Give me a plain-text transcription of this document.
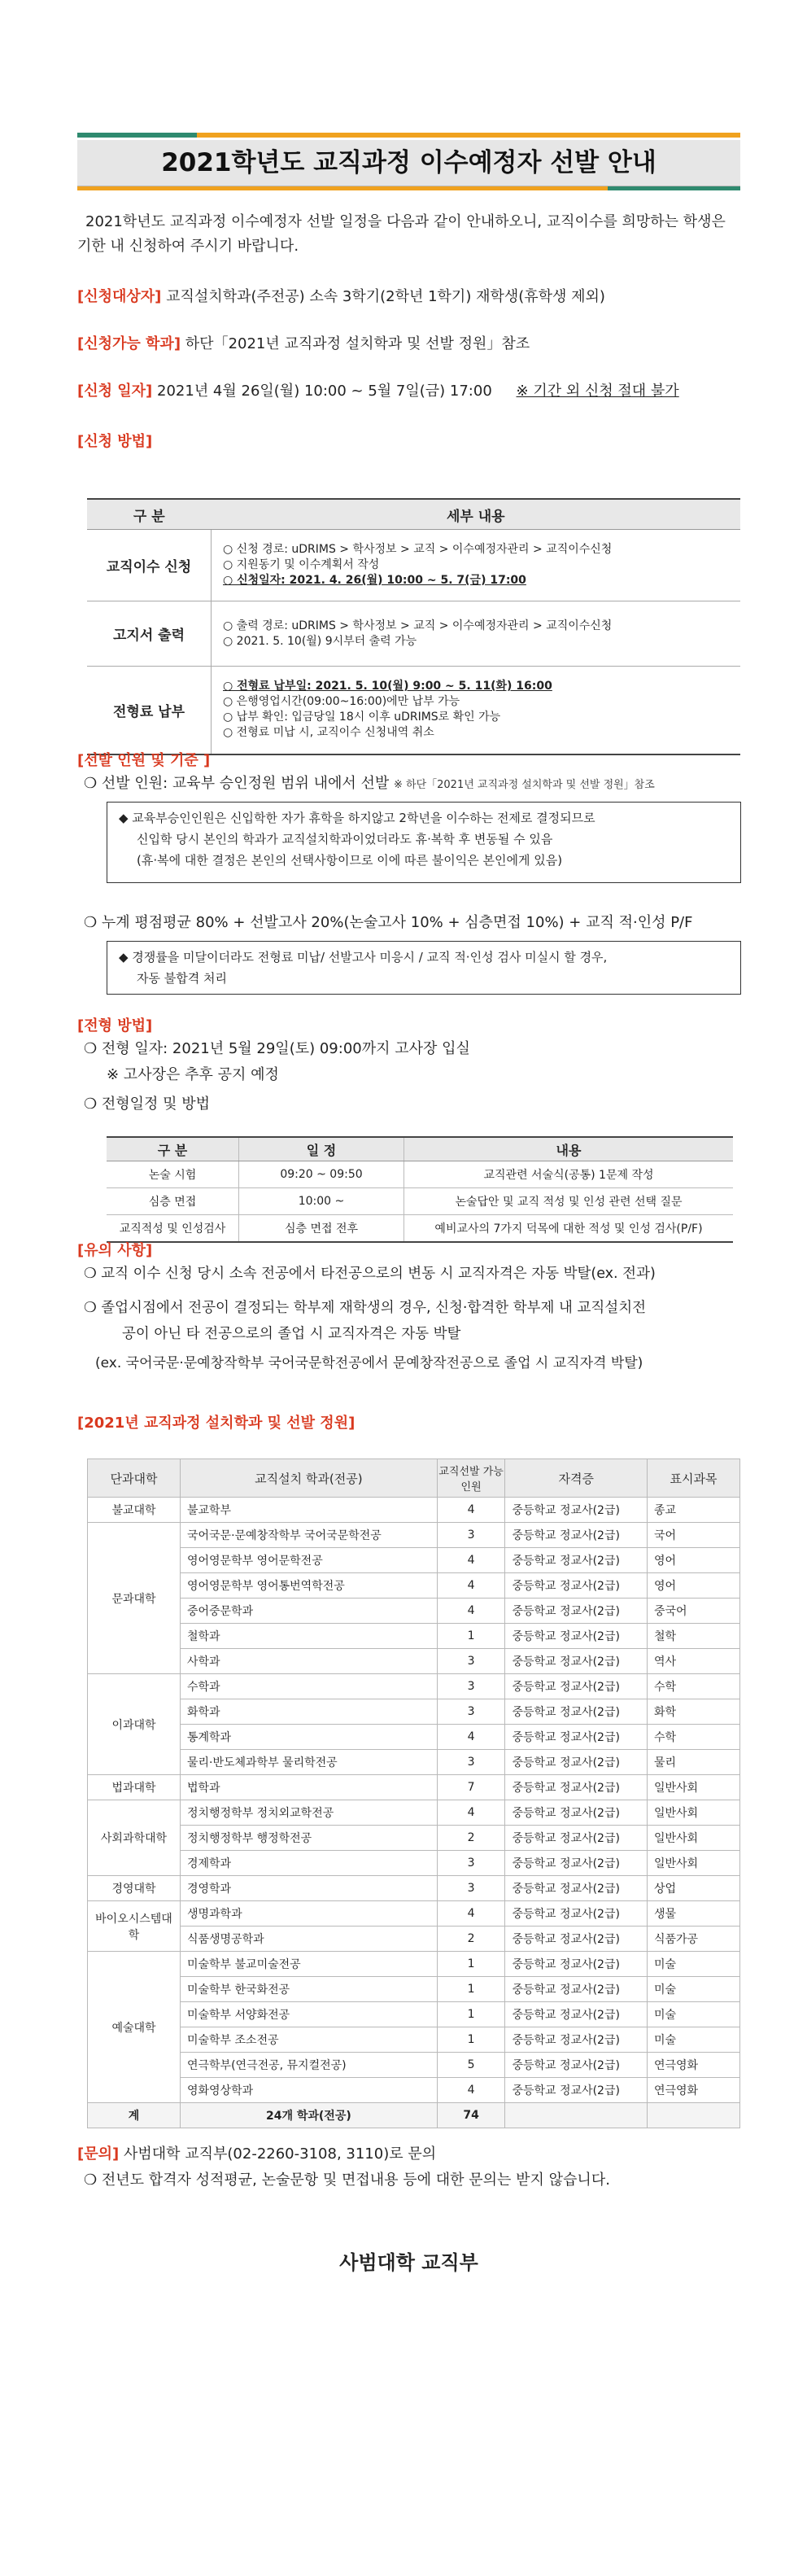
2021학년도 교직과정 이수예정자 선발 안내
2021학년도 교직과정 이수예정자 선발 일정을 다음과 같이 안내하오니, 교직이수를 희망하는 학생은 기한 내 신청하여 주시기 바랍니다.
[신청대상자] 교직설치학과(주전공) 소속 3학기(2학년 1학기) 재학생(휴학생 제외)
[신청가능 학과] 하단「2021년 교직과정 설치학과 및 선발 정원」참조
[신청 일자] 2021년 4월 26일(월) 10:00 ~ 5월 7일(금) 17:00 ※ 기간 외 신청 절대 불가
[신청 방법]
구 분	세부 내용
교직이수 신청	○ 신청 경로: uDRIMS > 학사정보 > 교직 > 이수예정자관리 > 교직이수신청
○ 지원동기 및 이수계획서 작성
○ 신청일자: 2021. 4. 26(월) 10:00 ~ 5. 7(금) 17:00

고지서 출력	○ 출력 경로: uDRIMS > 학사정보 > 교직 > 이수예정자관리 > 교직이수신청
○ 2021. 5. 10(월) 9시부터 출력 가능

전형료 납부	○ 전형료 납부일: 2021. 5. 10(월) 9:00 ~ 5. 11(화) 16:00
○ 은행영업시간(09:00~16:00)에만 납부 가능
○ 납부 확인: 입금당일 18시 이후 uDRIMS로 확인 가능
○ 전형료 미납 시, 교직이수 신청내역 취소
[선발 인원 및 기준 ]
❍ 선발 인원: 교육부 승인정원 범위 내에서 선발 ※ 하단「2021년 교직과정 설치학과 및 선발 정원」참조
◆ 교육부승인인원은 신입학한 자가 휴학을 하지않고 2학년을 이수하는 전제로 결정되므로
신입학 당시 본인의 학과가 교직설치학과이었더라도 휴·복학 후 변동될 수 있음
(휴·복에 대한 결정은 본인의 선택사항이므로 이에 따른 불이익은 본인에게 있음)
❍ 누계 평점평균 80% + 선발고사 20%(논술고사 10% + 심층면접 10%) + 교직 적·인성 P/F
◆ 경쟁률을 미달이더라도 전형료 미납/ 선발고사 미응시 / 교직 적·인성 검사 미실시 할 경우,
자동 불합격 처리
[전형 방법]
❍ 전형 일자: 2021년 5월 29일(토) 09:00까지 고사장 입실
※ 고사장은 추후 공지 예정
❍ 전형일정 및 방법
구 분	일 정	내용
논술 시험	09:20 ~ 09:50	교직관련 서술식(공통) 1문제 작성
심층 면접	10:00 ~	논술답안 및 교직 적성 및 인성 관련 선택 질문
교직적성 및 인성검사	심층 면접 전후	예비교사의 7가지 덕목에 대한 적성 및 인성 검사(P/F)
[유의 사항]
❍ 교직 이수 신청 당시 소속 전공에서 타전공으로의 변동 시 교직자격은 자동 박탈(ex. 전과)
❍ 졸업시점에서 전공이 결정되는 학부제 재학생의 경우, 신청·합격한 학부제 내 교직설치전
공이 아닌 타 전공으로의 졸업 시 교직자격은 자동 박탈
(ex. 국어국문·문예창작학부 국어국문학전공에서 문예창작전공으로 졸업 시 교직자격 박탈)
[2021년 교직과정 설치학과 및 선발 정원]
단과대학	교직설치 학과(전공)	교직선발 가능인원	자격증	표시과목
불교대학	불교학부	4	중등학교 정교사(2급)	종교
문과대학	국어국문·문예창작학부 국어국문학전공	3	중등학교 정교사(2급)	국어
	영어영문학부 영어문학전공	4	중등학교 정교사(2급)	영어
	영어영문학부 영어통번역학전공	4	중등학교 정교사(2급)	영어
	중어중문학과	4	중등학교 정교사(2급)	중국어
	철학과	1	중등학교 정교사(2급)	철학
	사학과	3	중등학교 정교사(2급)	역사
이과대학	수학과	3	중등학교 정교사(2급)	수학
	화학과	3	중등학교 정교사(2급)	화학
	통계학과	4	중등학교 정교사(2급)	수학
	물리·반도체과학부 물리학전공	3	중등학교 정교사(2급)	물리
법과대학	법학과	7	중등학교 정교사(2급)	일반사회
사회과학대학	정치행정학부 정치외교학전공	4	중등학교 정교사(2급)	일반사회
	정치행정학부 행정학전공	2	중등학교 정교사(2급)	일반사회
	경제학과	3	중등학교 정교사(2급)	일반사회
경영대학	경영학과	3	중등학교 정교사(2급)	상업
바이오시스템대학	생명과학과	4	중등학교 정교사(2급)	생물
	식품생명공학과	2	중등학교 정교사(2급)	식품가공
예술대학	미술학부 불교미술전공	1	중등학교 정교사(2급)	미술
	미술학부 한국화전공	1	중등학교 정교사(2급)	미술
	미술학부 서양화전공	1	중등학교 정교사(2급)	미술
	미술학부 조소전공	1	중등학교 정교사(2급)	미술
	연극학부(연극전공, 뮤지컬전공)	5	중등학교 정교사(2급)	연극영화
	영화영상학과	4	중등학교 정교사(2급)	연극영화
계	24개 학과(전공)	74		
[문의] 사범대학 교직부(02-2260-3108, 3110)로 문의
❍ 전년도 합격자 성적평균, 논술문항 및 면접내용 등에 대한 문의는 받지 않습니다.
사범대학 교직부
